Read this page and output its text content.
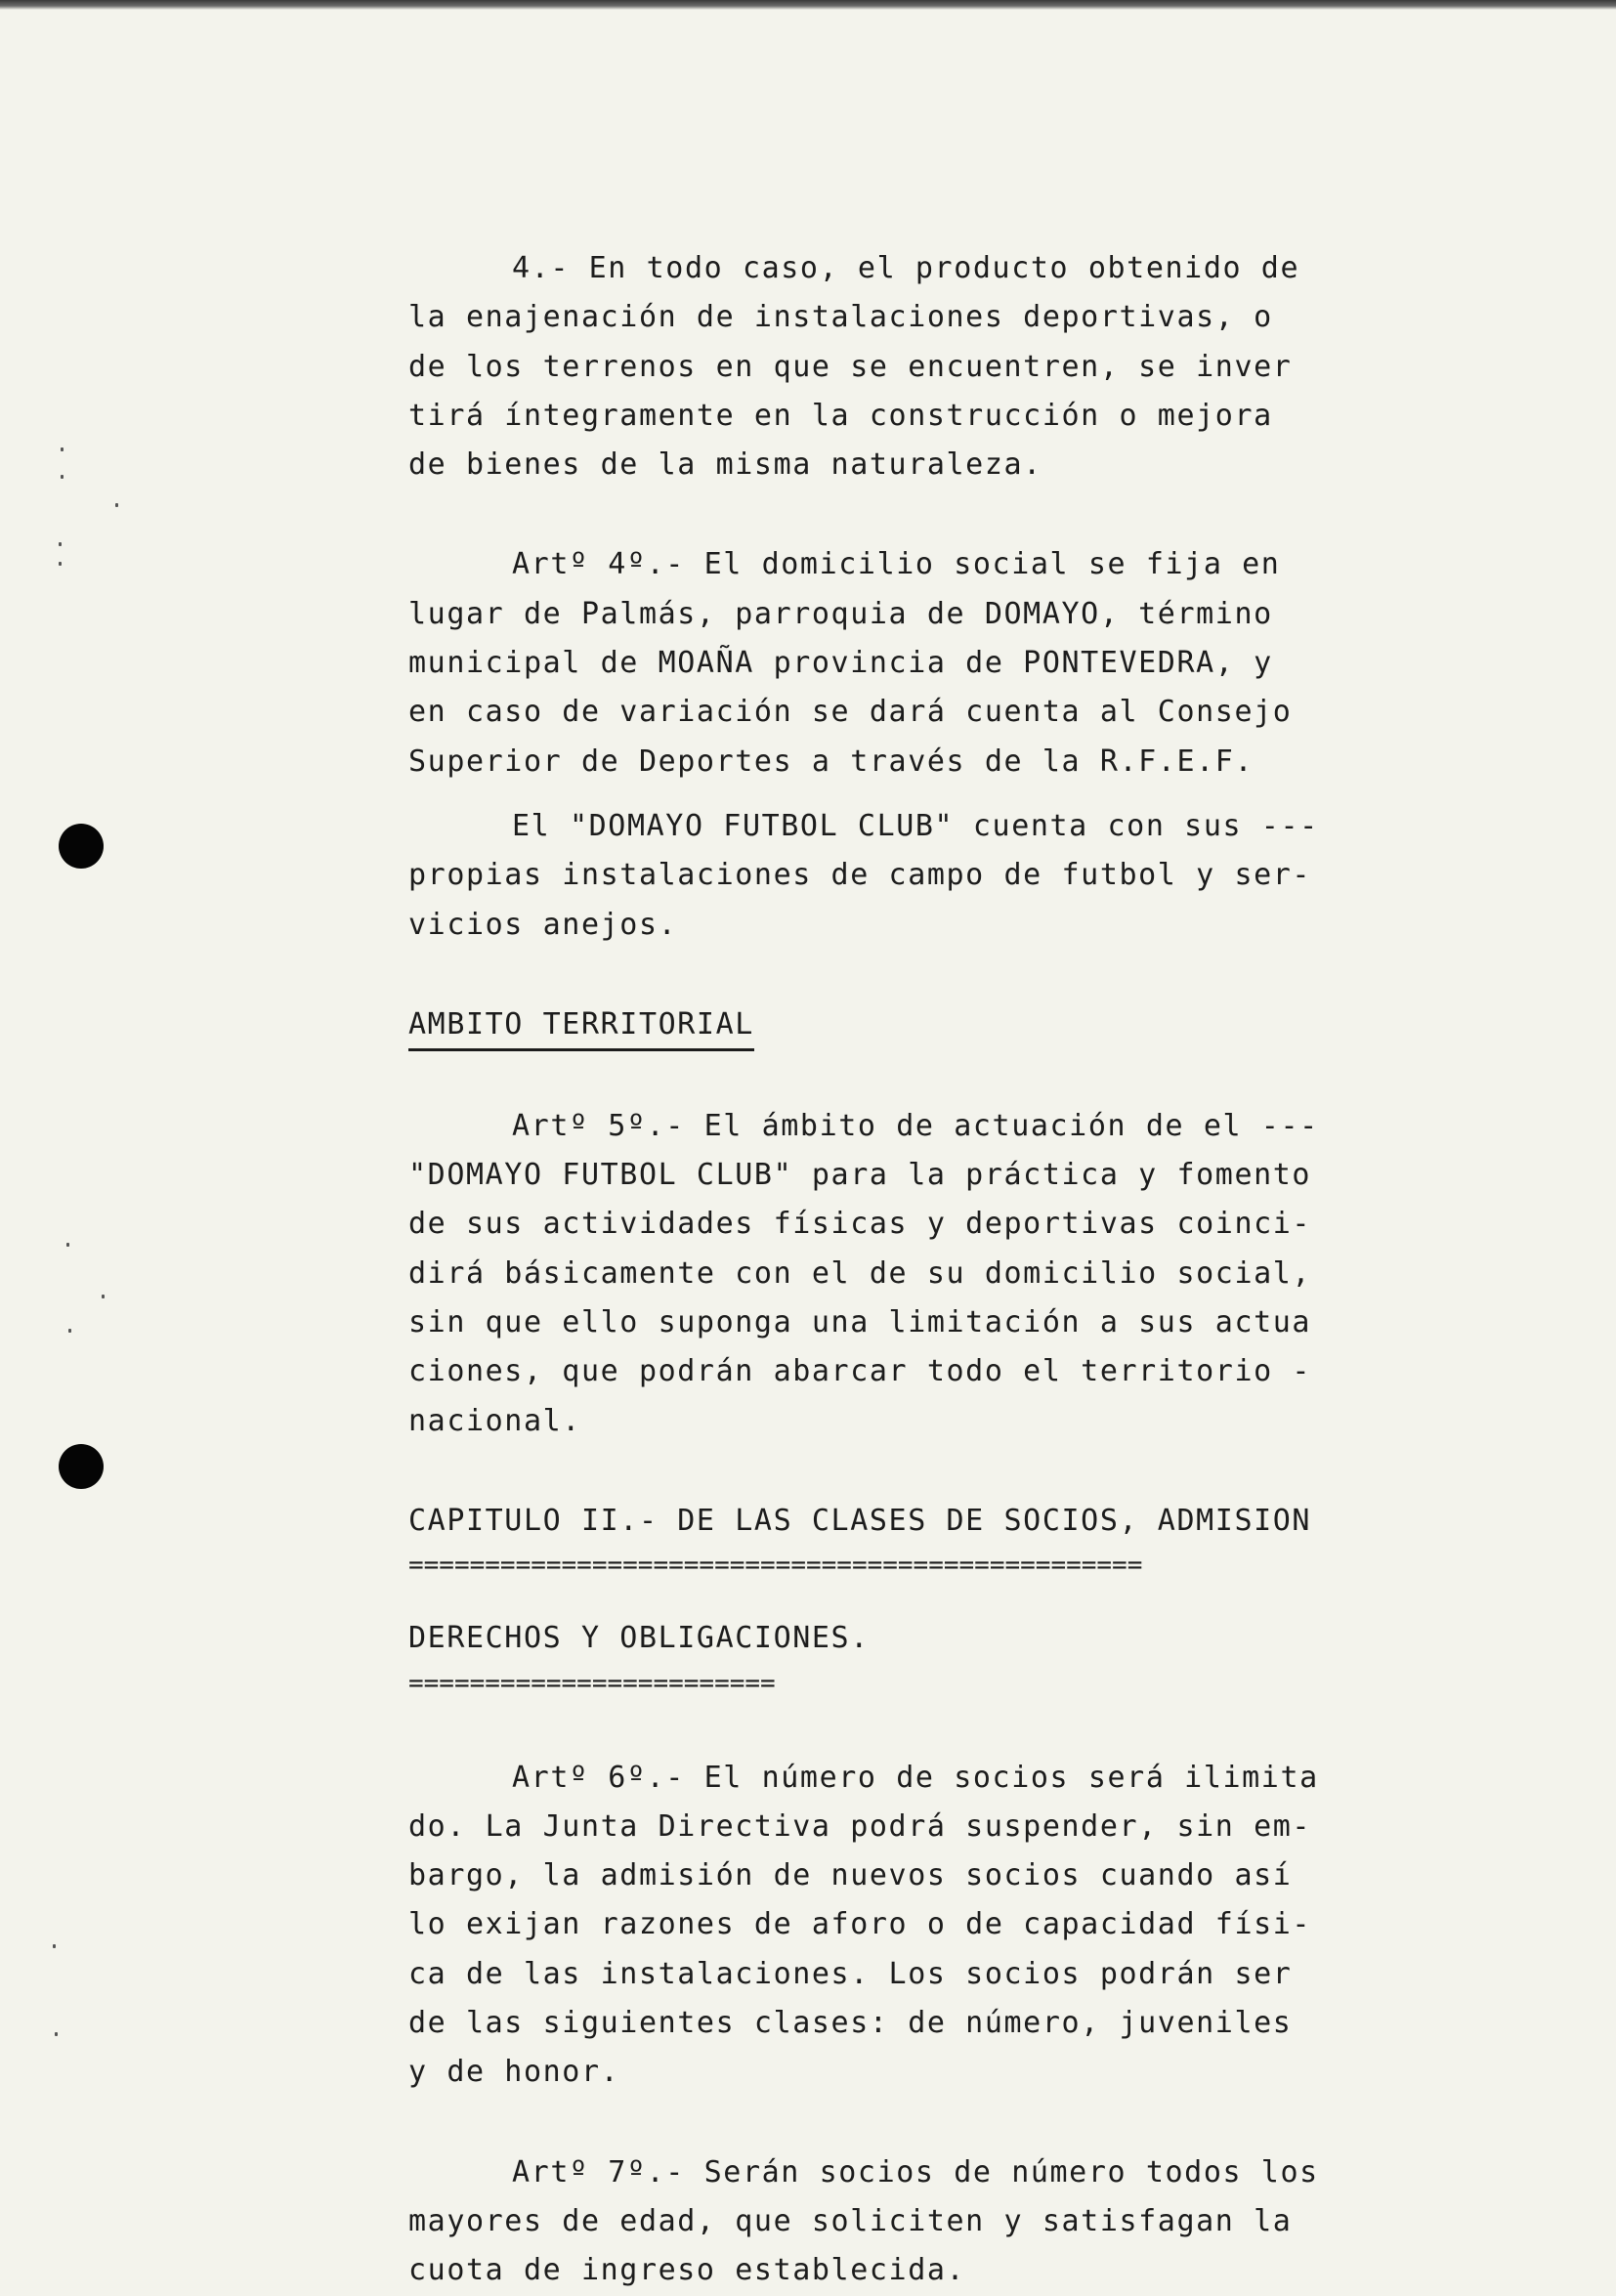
4.- En todo caso, el producto obtenido de

la enajenación de instalaciones deportivas, o

de los terrenos en que se encuentren, se inver

tirá íntegramente en la construcción o mejora

de bienes de la misma naturaleza.

Artº 4º.- El domicilio social se fija en

lugar de Palmás, parroquia de DOMAYO, término

municipal de MOAÑA provincia de PONTEVEDRA, y

en caso de variación se dará cuenta al Consejo

Superior de Deportes a través de la R.F.E.F.

El "DOMAYO FUTBOL CLUB" cuenta con sus ---

propias instalaciones de campo de futbol y ser-

vicios anejos.

AMBITO TERRITORIAL

Artº 5º.- El ámbito de actuación de el ---

"DOMAYO FUTBOL CLUB" para la práctica y fomento

de sus actividades físicas y deportivas coinci-

dirá básicamente con el de su domicilio social,

sin que ello suponga una limitación a sus actua

ciones, que podrán abarcar todo el territorio -

nacional.

CAPITULO II.- DE LAS CLASES DE SOCIOS, ADMISION

================================================

DERECHOS Y OBLIGACIONES.

========================

Artº 6º.- El número de socios será ilimita

do. La Junta Directiva podrá suspender, sin em-

bargo, la admisión de nuevos socios cuando así

lo exijan razones de aforo o de capacidad físi-

ca de las instalaciones. Los socios podrán ser

de las siguientes clases: de número, juveniles

y de honor.

Artº 7º.- Serán socios de número todos los

mayores de edad, que soliciten y satisfagan la

cuota de ingreso establecida.
